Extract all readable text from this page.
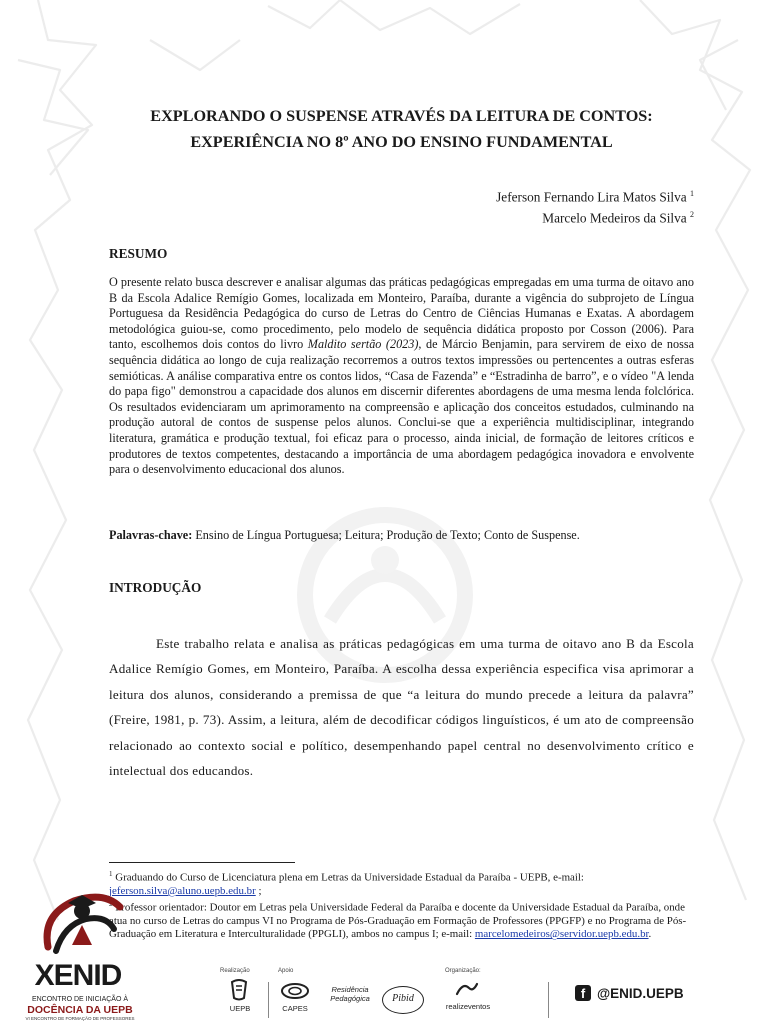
EXPLORANDO O SUSPENSE ATRAVÉS DA LEITURA DE CONTOS:
EXPERIÊNCIA NO 8º ANO DO ENSINO FUNDAMENTAL
Jeferson Fernando Lira Matos Silva $^1$
Marcelo Medeiros da Silva $^2$
RESUMO

O presente relato busca descrever e analisar algumas das práticas pedagógicas empregadas em uma turma de oitavo ano B da Escola Adalice Remígio Gomes, localizada em Monteiro, Paraíba, durante a vigência do subprojeto de Língua Portuguesa da Residência Pedagógica do curso de Letras do Centro de Ciências Humanas e Exatas. A abordagem metodológica guiou-se, como procedimento, pelo modelo de sequência didática proposto por Cosson (2006). Para tanto, escolhemos dois contos do livro Maldito sertão (2023), de Márcio Benjamin, para servirem de eixo de nossa sequência didática ao longo de cuja realização recorremos a outros textos impressões ou pertencentes a outras esferas semióticas. A análise comparativa entre os contos lidos, “Casa de Fazenda” e “Estradinha de barro”, e o vídeo "A lenda do papa figo" demonstrou a capacidade dos alunos em discernir diferentes abordagens de uma mesma lenda folclórica. Os resultados evidenciaram um aprimoramento na compreensão e aplicação dos conceitos estudados, culminando na produção autoral de contos de suspense pelos alunos. Conclui-se que a experiência multidisciplinar, integrando literatura, gramática e produção textual, foi eficaz para o processo, ainda inicial, de formação de leitores críticos e produtores de textos competentes, destacando a importância de uma abordagem pedagógica inovadora e envolvente para o desenvolvimento educacional dos alunos.

Palavras-chave: Ensino de Língua Portuguesa; Leitura; Produção de Texto; Conto de Suspense.
INTRODUÇÃO

Este trabalho relata e analisa as práticas pedagógicas em uma turma de oitavo ano B da Escola Adalice Remígio Gomes, em Monteiro, Paraíba. A escolha dessa experiência especifica visa aprimorar a leitura dos alunos, considerando a premissa de que “a leitura do mundo precede a leitura da palavra” (Freire, 1981, p. 73). Assim, a leitura, além de decodificar códigos linguísticos, é um ato de compreensão relacionado ao contexto social e político, desempenhando papel central no desenvolvimento crítico e intelectual dos educandos.

$^1$ Graduando do Curso de Licenciatura plena em Letras da Universidade Estadual da Paraíba - UEPB, e-mail: jeferson.silva@aluno.uepb.edu.br ;

$^2$ Professor orientador: Doutor em Letras pela Universidade Federal da Paraíba e docente da Universidade Estadual da Paraíba, onde atua no curso de Letras do campus VI no Programa de Pós-Graduação em Formação de Professores (PPGFP) e no Programa de Pós-Graduação em Literatura e Interculturalidade (PPGLI), ambos no campus I; e-mail: marcelomedeiros@servidor.uepb.edu.br.

XENID
ENCONTRO DE INICIAÇÃO À
DOCÊNCIA DA UEPB
VI ENCONTRO DE FORMAÇÃO DE PROFESSORES
Realização	Apoio	Organização:
UEPB	CAPES
Residência Pedagógica	Pibid
realizeventos
f @ENID.UEPB
